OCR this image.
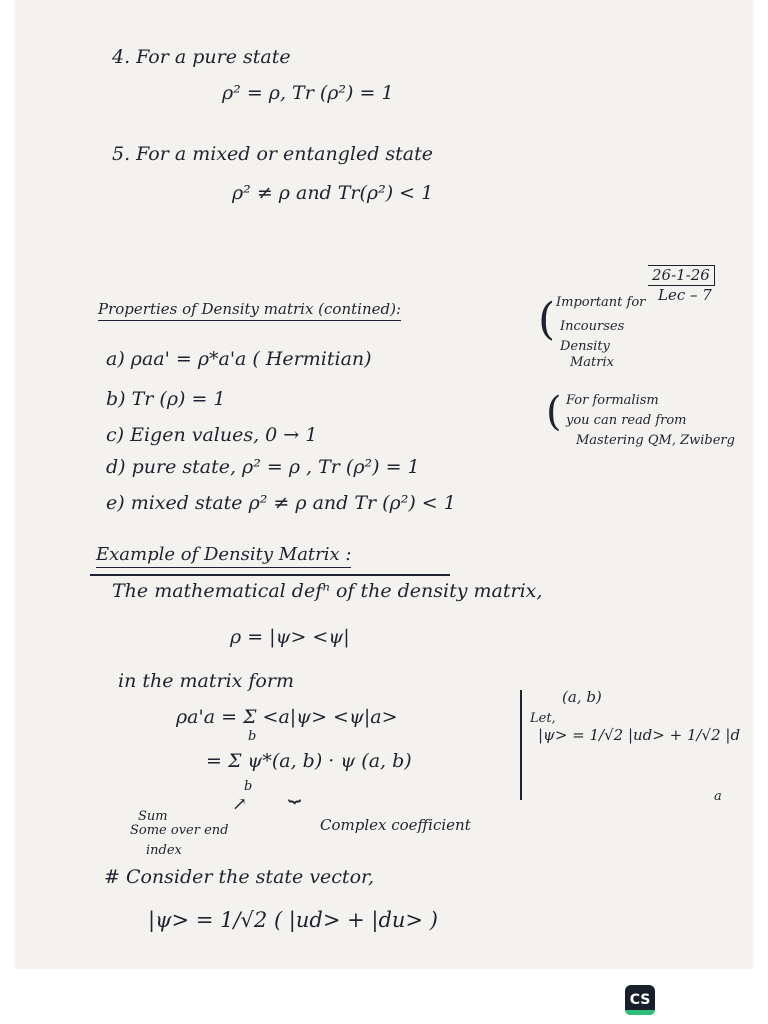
4. For a pure state
ρ² = ρ, Tr (ρ²) = 1
5. For a mixed or entangled state
ρ² ≠ ρ and Tr(ρ²) < 1
26-1-26
Lec – 7
Properties of Density matrix (contined):	Important for
Incourses
Density
Matrix
(
a) ρaa' = ρ*a'a ( Hermitian)
b) Tr (ρ) = 1
c) Eigen values, 0 → 1
d) pure state, ρ² = ρ , Tr (ρ²) = 1
e) mixed state ρ² ≠ ρ and Tr (ρ²) < 1
( For formalism
you can read from
Mastering QM, Zwiberg
Example of Density Matrix :
The mathematical defⁿ of the density matrix,
ρ = |ψ> <ψ|
in the matrix form
ρa'a = Σ <a|ψ> <ψ|a>
b
= Σ ψ*(a, b) · ψ (a, b)
b
↗
Sum
Some over end
index
⏟
Complex coefficient
(a, b)
Let,
|ψ> = 1/√2 |ud> + 1/√2 |d
a
# Consider the state vector,
|ψ> = 1/√2 ( |ud> + |du> )
CS
